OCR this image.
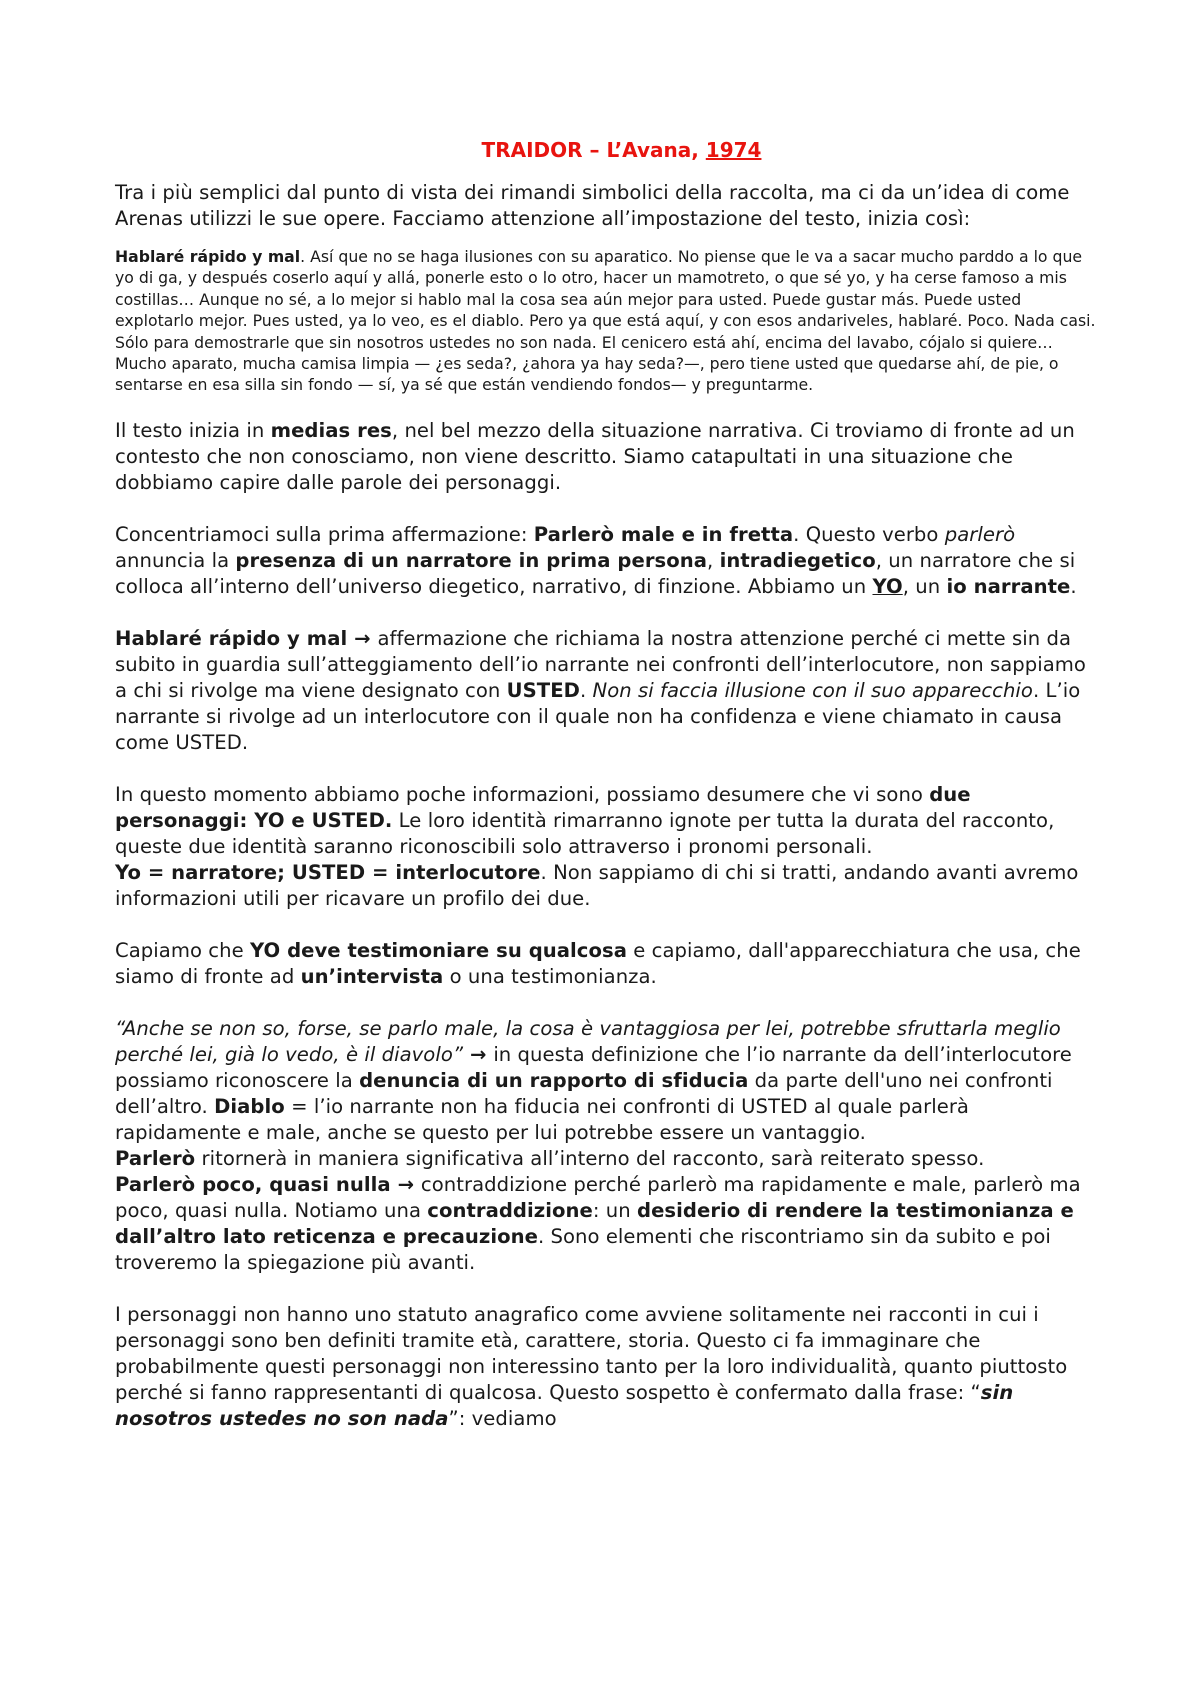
TRAIDOR – L’Avana, 1974

Tra i più semplici dal punto di vista dei rimandi simbolici della raccolta, ma ci da un’idea di come Arenas utilizzi le sue opere. Facciamo attenzione all’impostazione del testo, inizia così:

Hablaré rápido y mal. Así que no se haga ilusiones con su aparatico. No piense que le va a sacar mucho parddo a lo que yo di ga, y después coserlo aquí y allá, ponerle esto o lo otro, hacer un mamotreto, o que sé yo, y ha cerse famoso a mis costillas… Aunque no sé, a lo mejor si hablo mal la cosa sea aún mejor para usted. Puede gustar más. Puede usted explotarlo mejor. Pues usted, ya lo veo, es el diablo. Pero ya que está aquí, y con esos andariveles, hablaré. Poco. Nada casi. Sólo para demostrarle que sin nosotros ustedes no son nada. El cenicero está ahí, encima del lavabo, cójalo si quiere… Mucho aparato, mucha camisa limpia — ¿es seda?, ¿ahora ya hay seda?—, pero tiene usted que quedarse ahí, de pie, o sentarse en esa silla sin fondo — sí, ya sé que están vendiendo fondos— y preguntarme.

Il testo inizia in medias res, nel bel mezzo della situazione narrativa. Ci troviamo di fronte ad un contesto che non conosciamo, non viene descritto. Siamo catapultati in una situazione che dobbiamo capire dalle parole dei personaggi.

Concentriamoci sulla prima affermazione: Parlerò male e in fretta. Questo verbo parlerò annuncia la presenza di un narratore in prima persona, intradiegetico, un narratore che si colloca all’interno dell’universo diegetico, narrativo, di finzione. Abbiamo un YO, un io narrante.

Hablaré rápido y mal → affermazione che richiama la nostra attenzione perché ci mette sin da subito in guardia sull’atteggiamento dell’io narrante nei confronti dell’interlocutore, non sappiamo a chi si rivolge ma viene designato con USTED. Non si faccia illusione con il suo apparecchio. L’io narrante si rivolge ad un interlocutore con il quale non ha confidenza e viene chiamato in causa come USTED.

In questo momento abbiamo poche informazioni, possiamo desumere che vi sono due personaggi: YO e USTED. Le loro identità rimarranno ignote per tutta la durata del racconto, queste due identità saranno riconoscibili solo attraverso i pronomi personali.
Yo = narratore; USTED = interlocutore. Non sappiamo di chi si tratti, andando avanti avremo informazioni utili per ricavare un profilo dei due.

Capiamo che YO deve testimoniare su qualcosa e capiamo, dall'apparecchiatura che usa, che siamo di fronte ad un’intervista o una testimonianza.

“Anche se non so, forse, se parlo male, la cosa è vantaggiosa per lei, potrebbe sfruttarla meglio perché lei, già lo vedo, è il diavolo” → in questa definizione che l’io narrante da dell’interlocutore possiamo riconoscere la denuncia di un rapporto di sfiducia da parte dell'uno nei confronti dell’altro. Diablo = l’io narrante non ha fiducia nei confronti di USTED al quale parlerà rapidamente e male, anche se questo per lui potrebbe essere un vantaggio.

Parlerò ritornerà in maniera significativa all’interno del racconto, sarà reiterato spesso.

Parlerò poco, quasi nulla → contraddizione perché parlerò ma rapidamente e male, parlerò ma poco, quasi nulla. Notiamo una contraddizione: un desiderio di rendere la testimonianza e dall’altro lato reticenza e precauzione. Sono elementi che riscontriamo sin da subito e poi troveremo la spiegazione più avanti.

I personaggi non hanno uno statuto anagrafico come avviene solitamente nei racconti in cui i personaggi sono ben definiti tramite età, carattere, storia. Questo ci fa immaginare che probabilmente questi personaggi non interessino tanto per la loro individualità, quanto piuttosto perché si fanno rappresentanti di qualcosa. Questo sospetto è confermato dalla frase: “sin nosotros ustedes no son nada”: vediamo
